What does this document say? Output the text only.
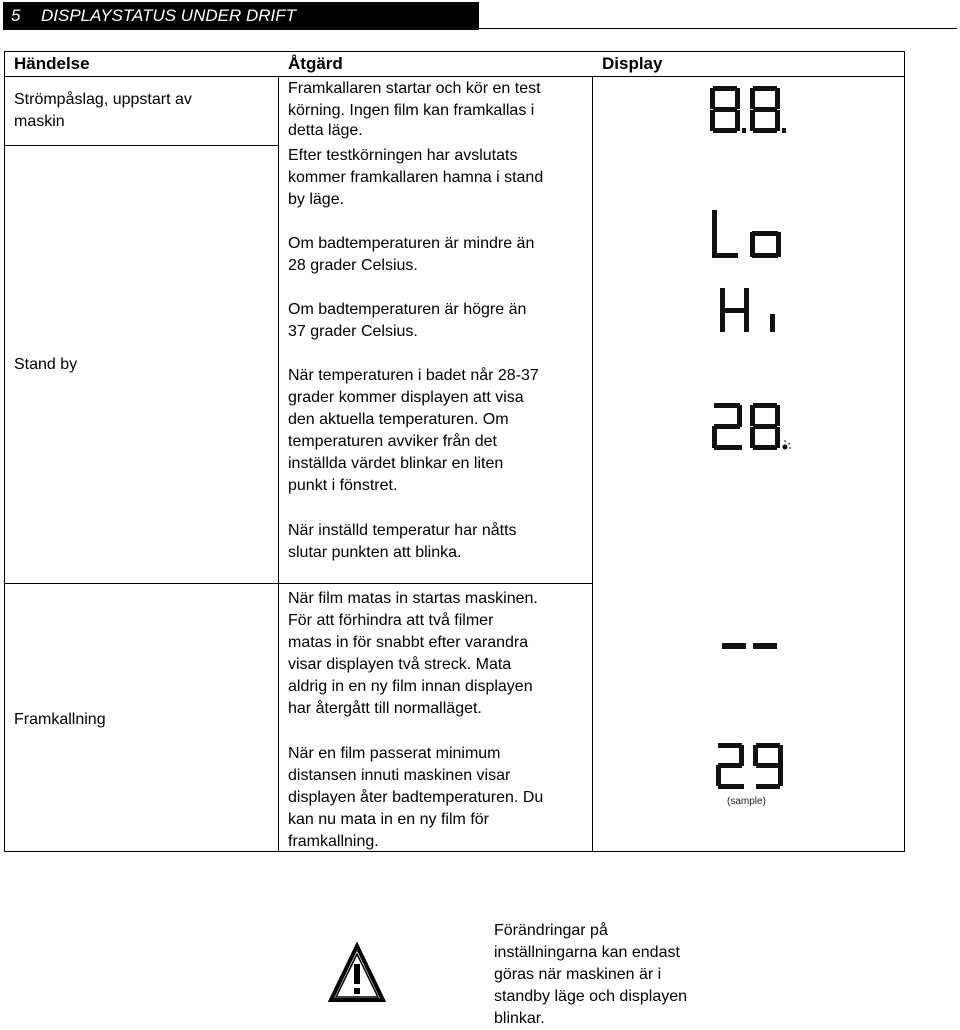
5 DISPLAYSTATUS UNDER DRIFT
Händelse	Åtgärd	Display
Strömpåslag, uppstart av maskin
Stand by
Framkallning
Framkallaren startar och kör en test
körning. Ingen film kan framkallas i
detta läge.
Efter testkörningen har avslutats
kommer framkallaren hamna i stand
by läge.
Om badtemperaturen är mindre än
28 grader Celsius.
Om badtemperaturen är högre än
37 grader Celsius.
När temperaturen i badet når 28-37
grader kommer displayen att visa
den aktuella temperaturen. Om
temperaturen avviker från det
inställda värdet blinkar en liten
punkt i fönstret.
När inställd temperatur har nåtts
slutar punkten att blinka.
När film matas in startas maskinen.
För att förhindra att två filmer
matas in för snabbt efter varandra
visar displayen två streck. Mata
aldrig in en ny film innan displayen
har återgått till normalläget.
När en film passerat minimum
distansen innuti maskinen visar
displayen åter badtemperaturen. Du
kan nu mata in en ny film för
framkallning.
(sample)
Förändringar på
inställningarna kan endast
göras när maskinen är i
standby läge och displayen
blinkar.
